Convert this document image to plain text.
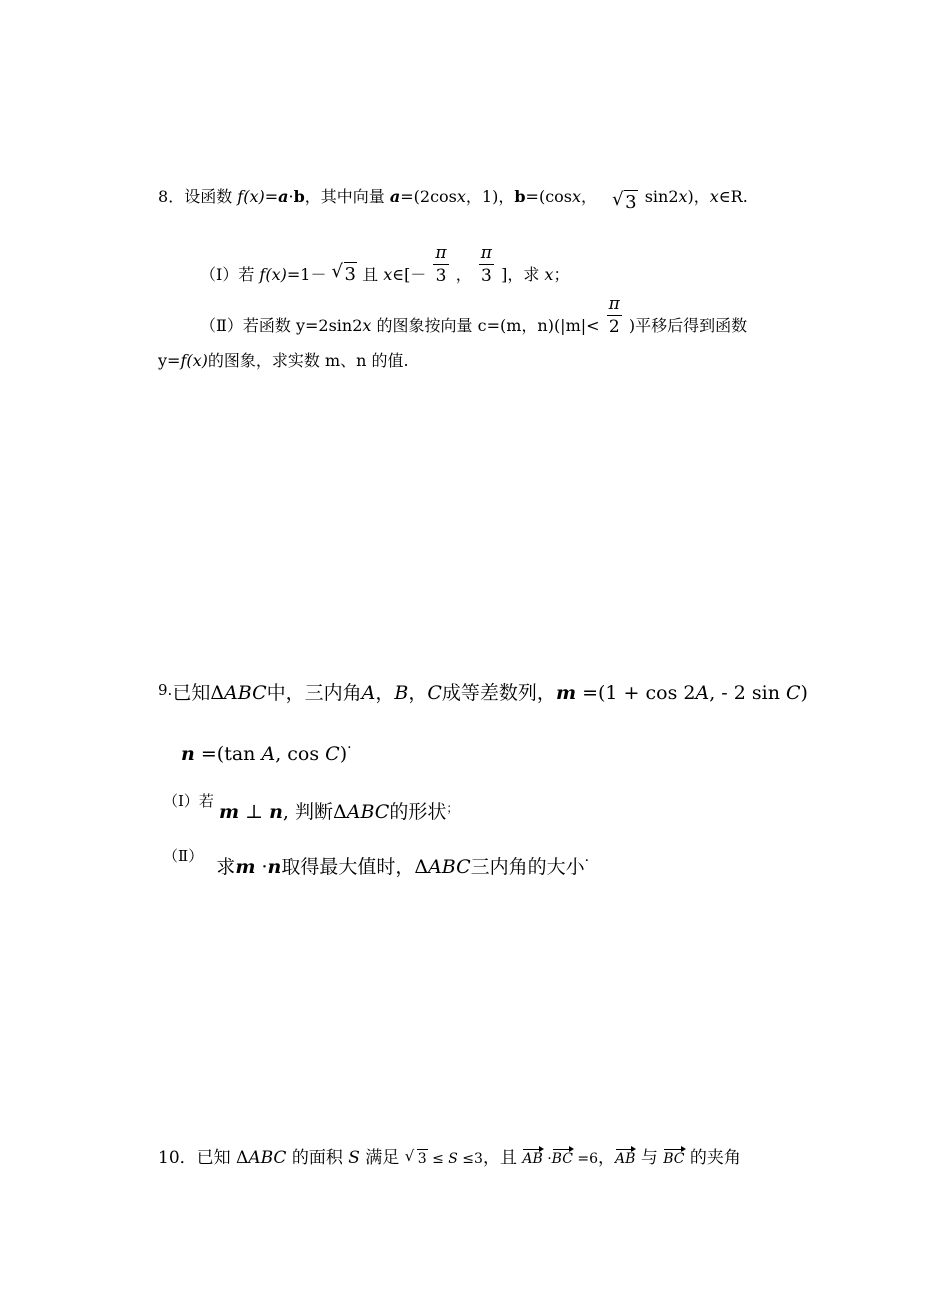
8．设函数 f(x)=a·b，其中向量 a=(2cosx，1)，b=(cosx， √ 3 sin2x)，x∈R.
（Ⅰ）若 f(x)=1－ √ 3 且 x∈[－ $\frac{\pi}{3}$ ， $\frac{\pi}{3}$ ]，求 x；
（Ⅱ）若函数 y=2sin2x 的图象按向量 c=(m，$n)(|m|< \frac{\pi}{2}$ )平移后得到函数
y=f(x)的图象，求实数 m、n 的值.
$^{9.}$已知ΔABC中，三内角A，B，C成等差数列，m =(1 + cos 2A, - 2 sin C)
n =(tan A, cos C)·
（Ⅰ）若 m ⊥ n, 判断ΔABC的形状；
（Ⅱ） 求m ·n取得最大值时，ΔABC三内角的大小·
10．已知 ΔABC 的面积 S 满足 √ 3 ≤ S ≤3，且 AB ·BC =6，AB 与 BC 的夹角
